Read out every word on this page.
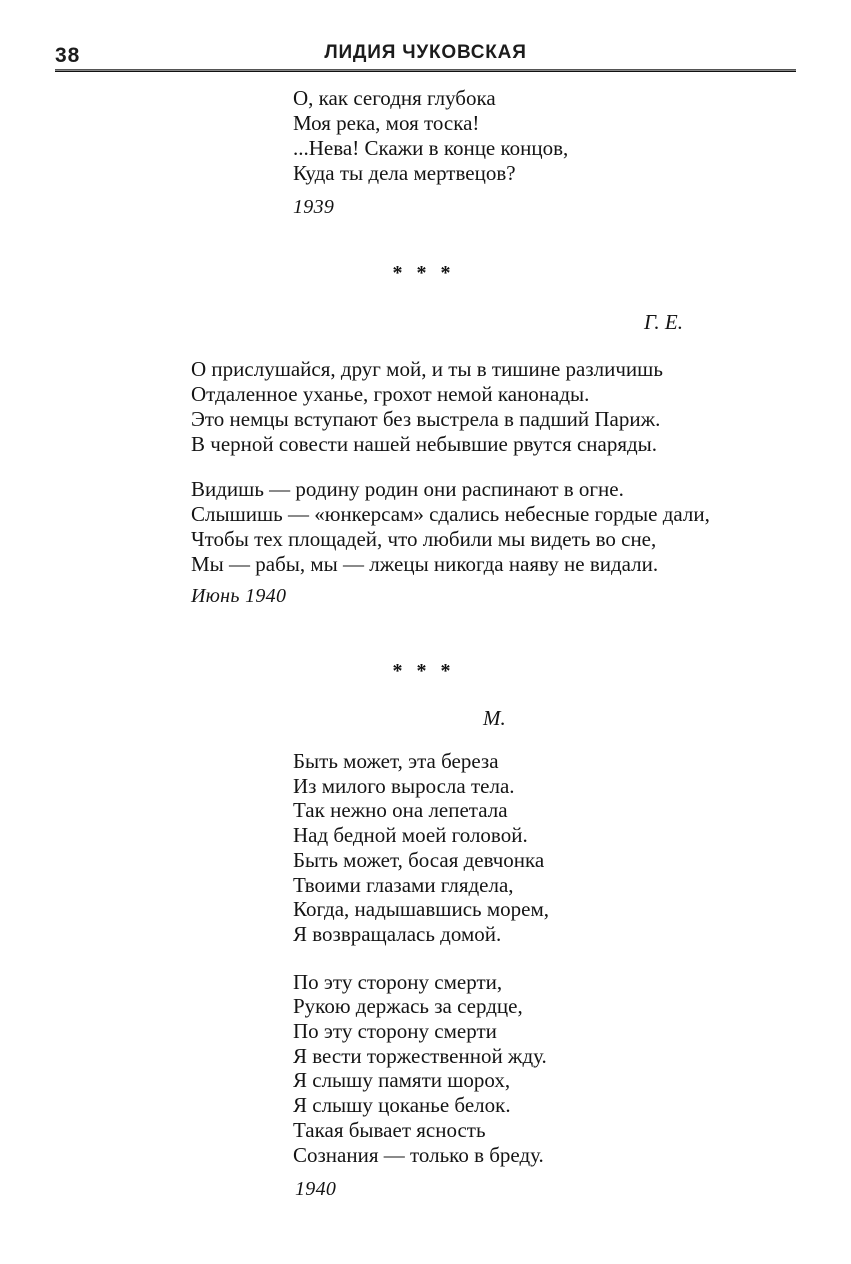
38	ЛИДИЯ ЧУКОВСКАЯ
О, как сегодня глубока
Моя река, моя тоска!
...Нева! Скажи в конце концов,
Куда ты дела мертвецов?
1939
* * *
Г. Е.
О прислушайся, друг мой, и ты в тишине различишь
Отдаленное уханье, грохот немой канонады.
Это немцы вступают без выстрела в падший Париж.
В черной совести нашей небывшие рвутся снаряды.
Видишь — родину родин они распинают в огне.
Слышишь — «юнкерсам» сдались небесные гордые дали,
Чтобы тех площадей, что любили мы видеть во сне,
Мы — рабы, мы — лжецы никогда наяву не видали.
Июнь 1940
* * *
М.
Быть может, эта береза
Из милого выросла тела.
Так нежно она лепетала
Над бедной моей головой.
Быть может, босая девчонка
Твоими глазами глядела,
Когда, надышавшись морем,
Я возвращалась домой.
По эту сторону смерти,
Рукою держась за сердце,
По эту сторону смерти
Я вести торжественной жду.
Я слышу памяти шорох,
Я слышу цоканье белок.
Такая бывает ясность
Сознания — только в бреду.
1940
